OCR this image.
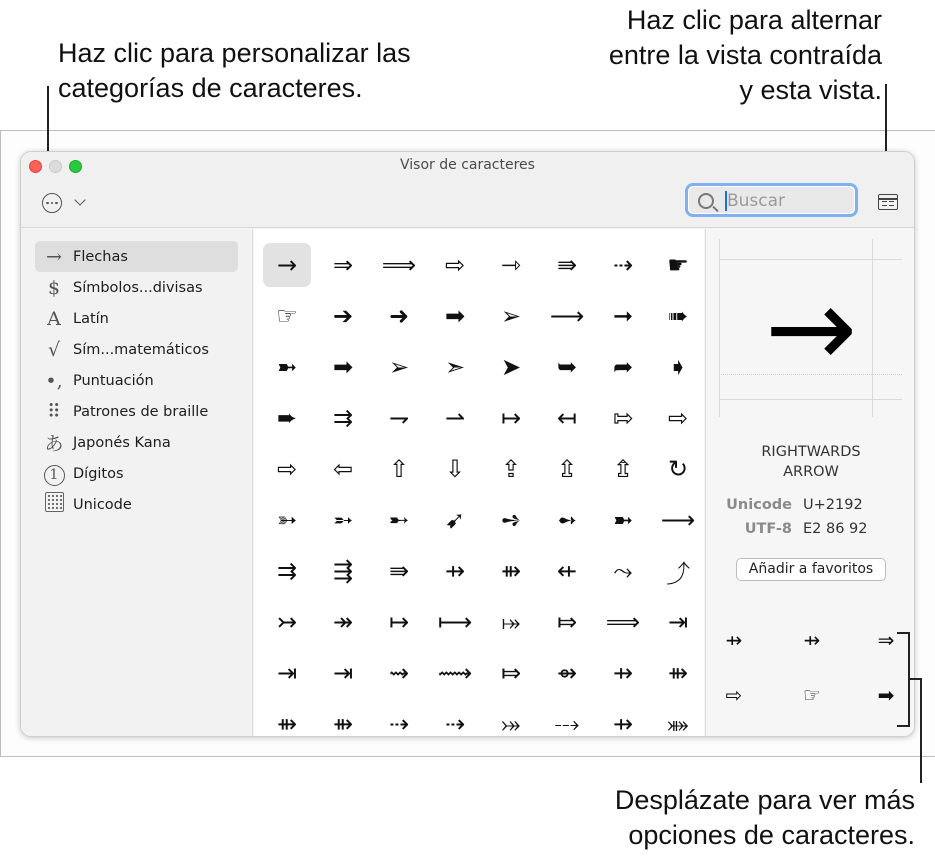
Haz clic para personalizar las
categorías de caracteres.
Haz clic para alternar
entre la vista contraída
y esta vista.
Desplázate para ver más
opciones de caracteres.
Visor de caracteres
Buscar
→ Flechas
$ Símbolos...divisas
A Latín
√ Sím...matemáticos
•, Puntuación
⠿ Patrones de braille
あ Japonés Kana
1	Dígitos
Unicode
→	⇒	⟹	⇨	⇾	⇛	⇢	☛
☞	➔	➜	➡	➢	⟶	➞	➠
➼	➡	➢	➣	➤	➥	➦	➧
➨	⇉	⇁	⇀	↦	↤	⇰	⇨
⇨	⇦	⇧	⇩	⇪	⇫	⇬	↻
➳	➵	➸	➹	➺	➻	➼	⟶
⇉	⇶	⇛	⇸	⇻	⇷	⤳	⤴
↣	↠	↦	⟼	⤅	⤇	⟹	⇥
⇥	⇥	⇝	⟿	⤇	⇴	⇸	⇻
⇻	⇻	⇢	⇢	⤖	⤏	⇸	⤘
→
RIGHTWARDS
ARROW
Unicode U+2192
UTF-8 E2 86 92
Añadir a favoritos
⇸	⇸	⇒
⇨	☞	➡
